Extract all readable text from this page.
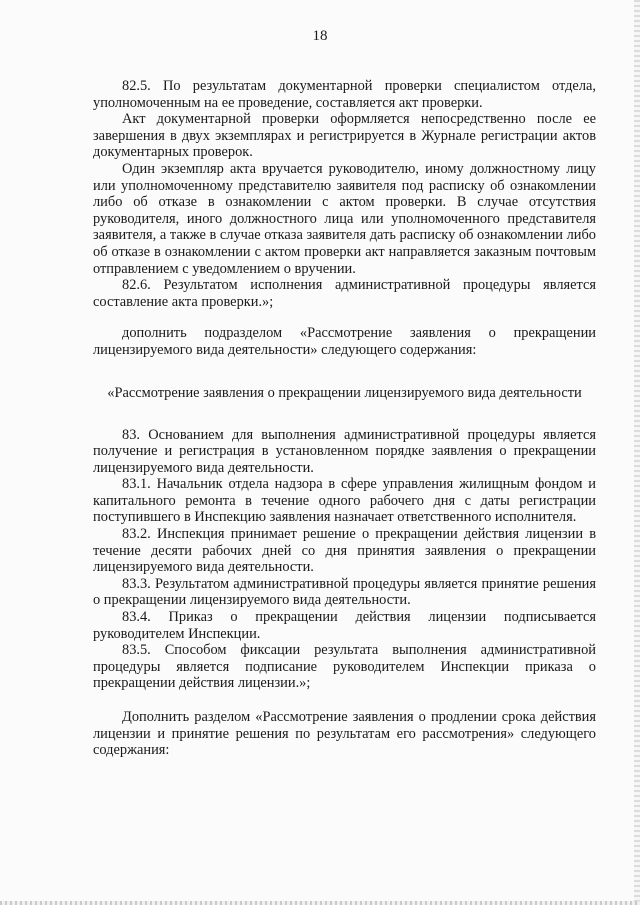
18

82.5. По результатам документарной проверки специалистом отдела, уполномоченным на ее проведение, составляется акт проверки.

Акт документарной проверки оформляется непосредственно после ее завершения в двух экземплярах и регистрируется в Журнале регистрации актов документарных проверок.

Один экземпляр акта вручается руководителю, иному должностному лицу или уполномоченному представителю заявителя под расписку об ознакомлении либо об отказе в ознакомлении с актом проверки. В случае отсутствия руководителя, иного должностного лица или уполномоченного представителя заявителя, а также в случае отказа заявителя дать расписку об ознакомлении либо об отказе в ознакомлении с актом проверки акт направляется заказным почтовым отправлением с уведомлением о вручении.

82.6. Результатом исполнения административной процедуры является составление акта проверки.»;

дополнить подразделом «Рассмотрение заявления о прекращении лицензируемого вида деятельности» следующего содержания:

«Рассмотрение заявления о прекращении лицензируемого вида деятельности

83. Основанием для выполнения административной процедуры является получение и регистрация в установленном порядке заявления о прекращении лицензируемого вида деятельности.

83.1. Начальник отдела надзора в сфере управления жилищным фондом и капитального ремонта в течение одного рабочего дня с даты регистрации поступившего в Инспекцию заявления назначает ответственного исполнителя.

83.2. Инспекция принимает решение о прекращении действия лицензии в течение десяти рабочих дней со дня принятия заявления о прекращении лицензируемого вида деятельности.

83.3. Результатом административной процедуры является принятие решения о прекращении лицензируемого вида деятельности.

83.4. Приказ о прекращении действия лицензии подписывается руководителем Инспекции.

83.5. Способом фиксации результата выполнения административной процедуры является подписание руководителем Инспекции приказа о прекращении действия лицензии.»;

Дополнить разделом «Рассмотрение заявления о продлении срока действия лицензии и принятие решения по результатам его рассмотрения» следующего содержания:
